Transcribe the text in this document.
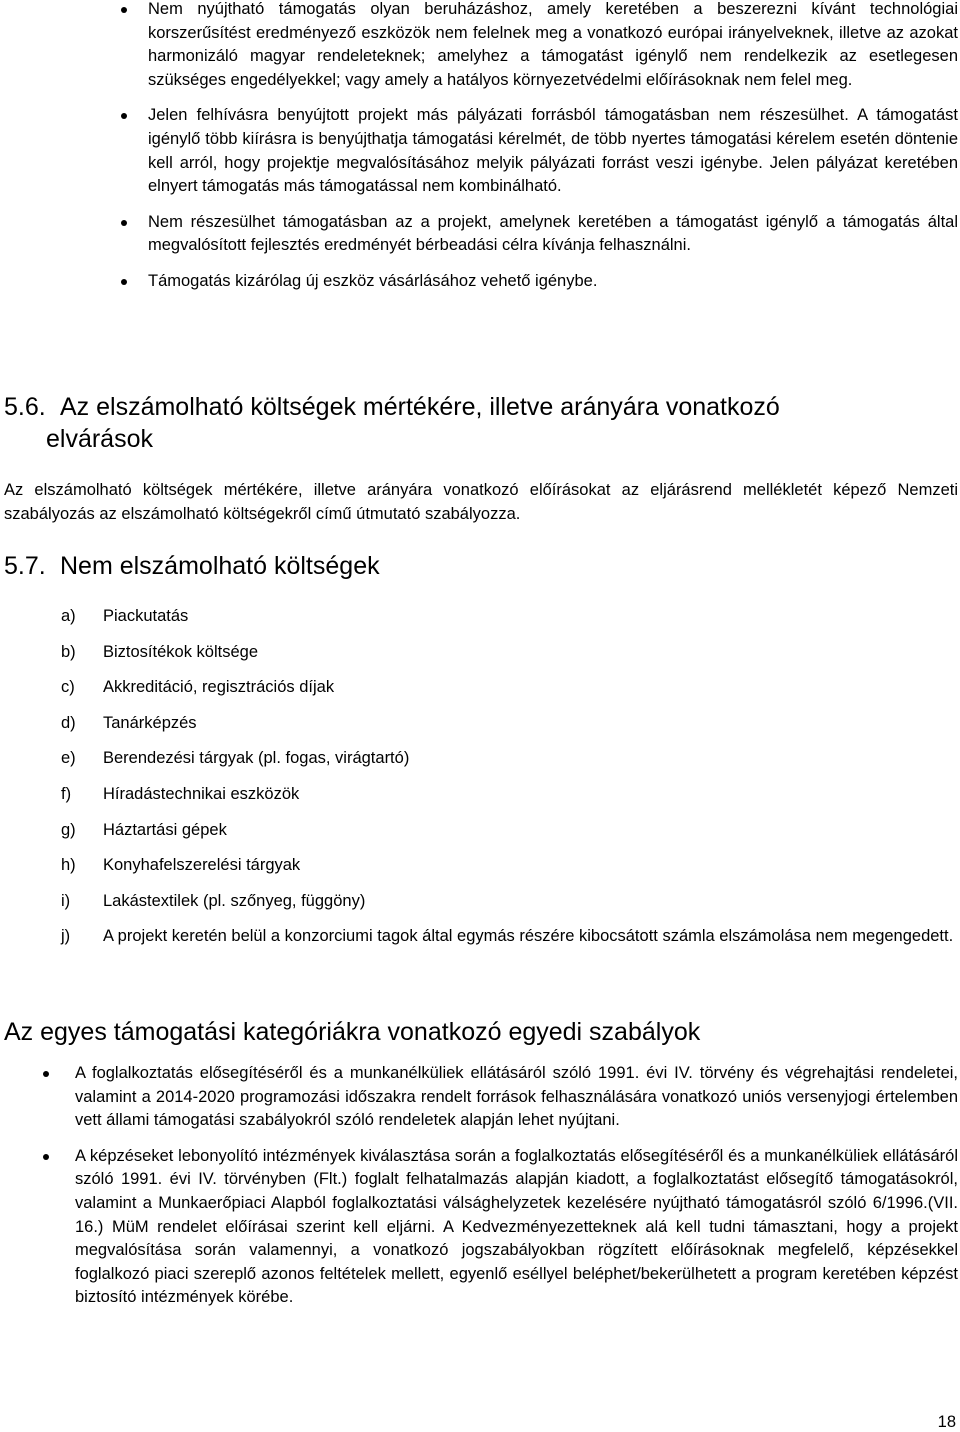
Nem nyújtható támogatás olyan beruházáshoz, amely keretében a beszerezni kívánt technológiai korszerűsítést eredményező eszközök nem felelnek meg a vonatkozó európai irányelveknek, illetve az azokat harmonizáló magyar rendeleteknek; amelyhez a támogatást igénylő nem rendelkezik az esetlegesen szükséges engedélyekkel; vagy amely a hatályos környezetvédelmi előírásoknak nem felel meg.

Jelen felhívásra benyújtott projekt más pályázati forrásból támogatásban nem részesülhet. A támogatást igénylő több kiírásra is benyújthatja támogatási kérelmét, de több nyertes támogatási kérelem esetén döntenie kell arról, hogy projektje megvalósításához melyik pályázati forrást veszi igénybe. Jelen pályázat keretében elnyert támogatás más támogatással nem kombinálható.

Nem részesülhet támogatásban az a projekt, amelynek keretében a támogatást igénylő a támogatás által megvalósított fejlesztés eredményét bérbeadási célra kívánja felhasználni.

Támogatás kizárólag új eszköz vásárlásához vehető igénybe.

5.6. Az elszámolható költségek mértékére, illetve arányára vonatkozó
elvárások

Az elszámolható költségek mértékére, illetve arányára vonatkozó előírásokat az eljárásrend mellékletét képező Nemzeti szabályozás az elszámolható költségekről című útmutató szabályozza.

5.7. Nem elszámolható költségek
a) Piackutatás

b) Biztosítékok költsége

c) Akkreditáció, regisztrációs díjak

d) Tanárképzés

e) Berendezési tárgyak (pl. fogas, virágtartó)

f) Híradástechnikai eszközök

g) Háztartási gépek

h) Konyhafelszerelési tárgyak

i) Lakástextilek (pl. szőnyeg, függöny)

j) A projekt keretén belül a konzorciumi tagok által egymás részére kibocsátott számla elszámolása nem megengedett.

Az egyes támogatási kategóriákra vonatkozó egyedi szabályok

A foglalkoztatás elősegítéséről és a munkanélküliek ellátásáról szóló 1991. évi IV. törvény és végrehajtási rendeletei, valamint a 2014-2020 programozási időszakra rendelt források felhasználására vonatkozó uniós versenyjogi értelemben vett állami támogatási szabályokról szóló rendeletek alapján lehet nyújtani.

A képzéseket lebonyolító intézmények kiválasztása során a foglalkoztatás elősegítéséről és a munkanélküliek ellátásáról szóló 1991. évi IV. törvényben (Flt.) foglalt felhatalmazás alapján kiadott, a foglalkoztatást elősegítő támogatásokról, valamint a Munkaerőpiaci Alapból foglalkoztatási válsághelyzetek kezelésére nyújtható támogatásról szóló 6/1996.(VII. 16.) MüM rendelet előírásai szerint kell eljárni. A Kedvezményezetteknek alá kell tudni támasztani, hogy a projekt megvalósítása során valamennyi, a vonatkozó jogszabályokban rögzített előírásoknak megfelelő, képzésekkel foglalkozó piaci szereplő azonos feltételek mellett, egyenlő eséllyel beléphet/bekerülhetett a program keretében képzést biztosító intézmények körébe.

18
